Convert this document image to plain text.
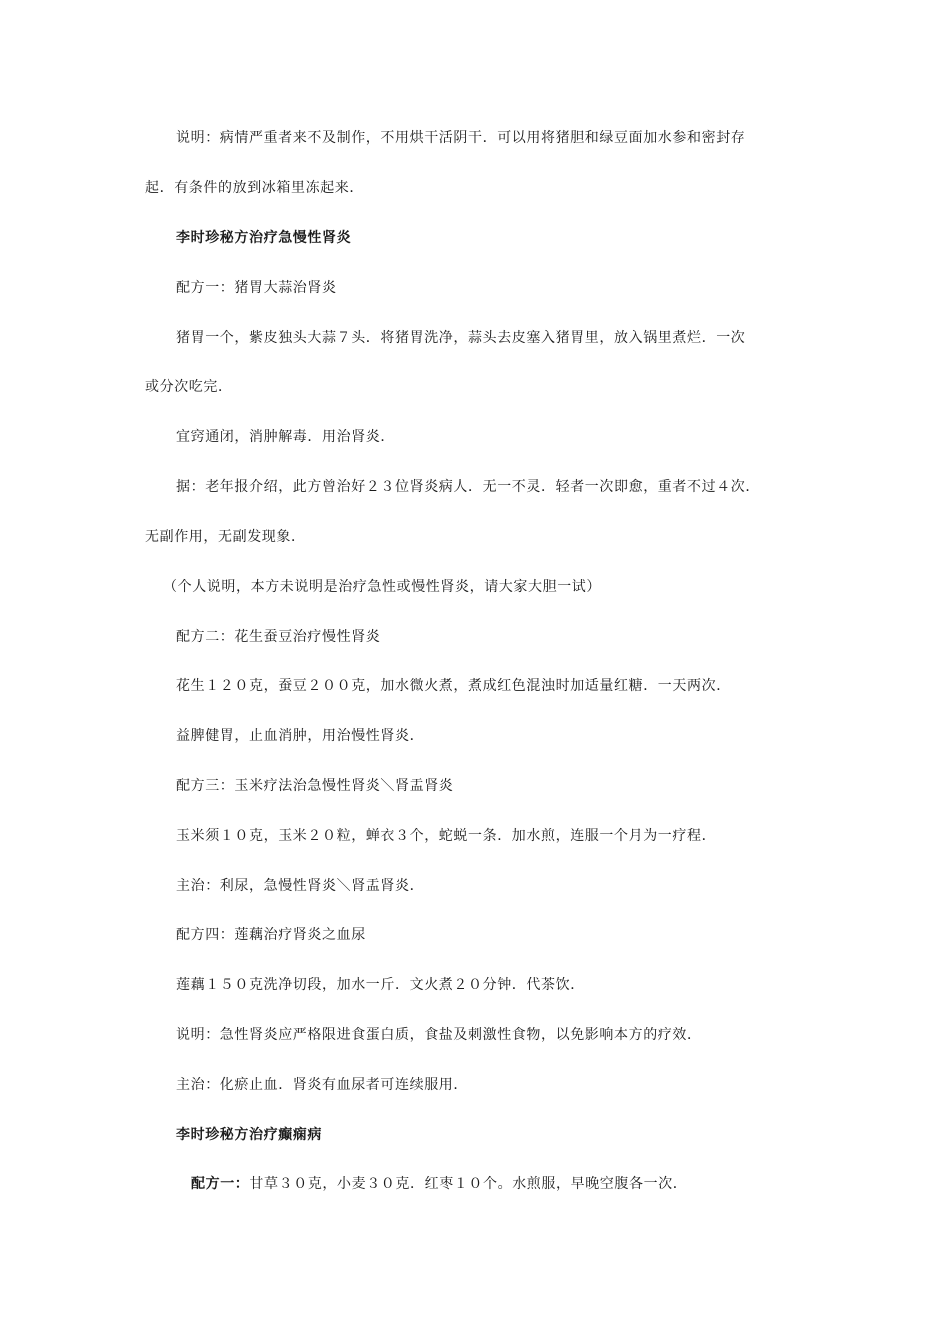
说明：病情严重者来不及制作，不用烘干活阴干．可以用将猪胆和绿豆面加水参和密封存
起．有条件的放到冰箱里冻起来．
李时珍秘方治疗急慢性肾炎
配方一：猪胃大蒜治肾炎
猪胃一个，紫皮独头大蒜７头．将猪胃洗净，蒜头去皮塞入猪胃里，放入锅里煮烂．一次
或分次吃完．
宜窍通闭，消肿解毒．用治肾炎．
据：老年报介绍，此方曾治好２３位肾炎病人．无一不灵．轻者一次即愈，重者不过４次．
无副作用，无副发现象．
（个人说明，本方未说明是治疗急性或慢性肾炎，请大家大胆一试）
配方二：花生蚕豆治疗慢性肾炎
花生１２０克，蚕豆２００克，加水微火煮，煮成红色混浊时加适量红糖．一天两次．
益脾健胃，止血消肿，用治慢性肾炎．
配方三：玉米疗法治急慢性肾炎＼肾盂肾炎
玉米须１０克，玉米２０粒，蝉衣３个，蛇蜕一条．加水煎，连服一个月为一疗程．
主治：利尿，急慢性肾炎＼肾盂肾炎．
配方四：莲藕治疗肾炎之血尿
莲藕１５０克洗净切段，加水一斤．文火煮２０分钟．代茶饮．
说明：急性肾炎应严格限进食蛋白质，食盐及刺激性食物，以免影响本方的疗效．
主治：化瘀止血．肾炎有血尿者可连续服用．
李时珍秘方治疗癫痫病
配方一：甘草３０克，小麦３０克．红枣１０个。水煎服，早晚空腹各一次．
